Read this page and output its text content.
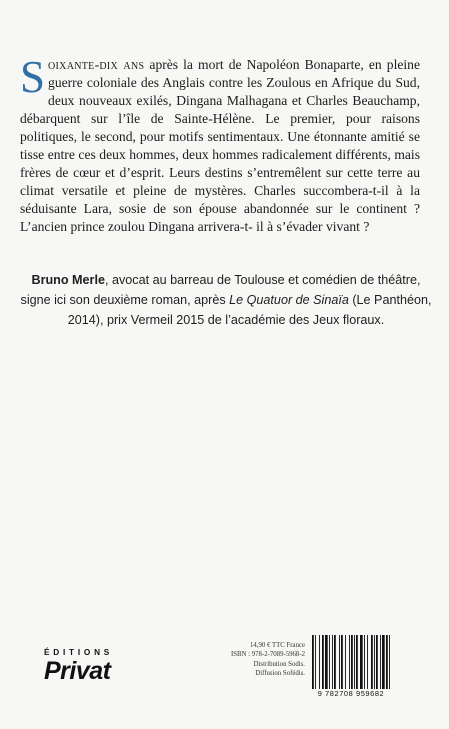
Soixante-dix ans après la mort de Napoléon Bonaparte, en pleine guerre coloniale des Anglais contre les Zoulous en Afrique du Sud, deux nouveaux exilés, Dingana Malhagana et Charles Beauchamp, débarquent sur l’île de Sainte-Hélène. Le premier, pour raisons politiques, le second, pour motifs sentimentaux. Une étonnante amitié se tisse entre ces deux hommes, deux hommes radicalement différents, mais frères de cœur et d’esprit. Leurs destins s’entremêlent sur cette terre au climat versatile et pleine de mystères. Charles succombera-t-il à la séduisante Lara, sosie de son épouse abandonnée sur le continent ? L’ancien prince zoulou Dingana arrivera-t- il à s’évader vivant ?

Bruno Merle, avocat au barreau de Toulouse et comédien de théâtre, signe ici son deuxième roman, après Le Quatuor de Sinaïa (Le Panthéon, 2014), prix Vermeil 2015 de l’académie des Jeux floraux.

ÉDITIONS
Privat
14,90 € TTC France
ISBN : 978-2-7089-5968-2
Distribution Sodis.
Diffusion Sofédis.
9 782708 959682
